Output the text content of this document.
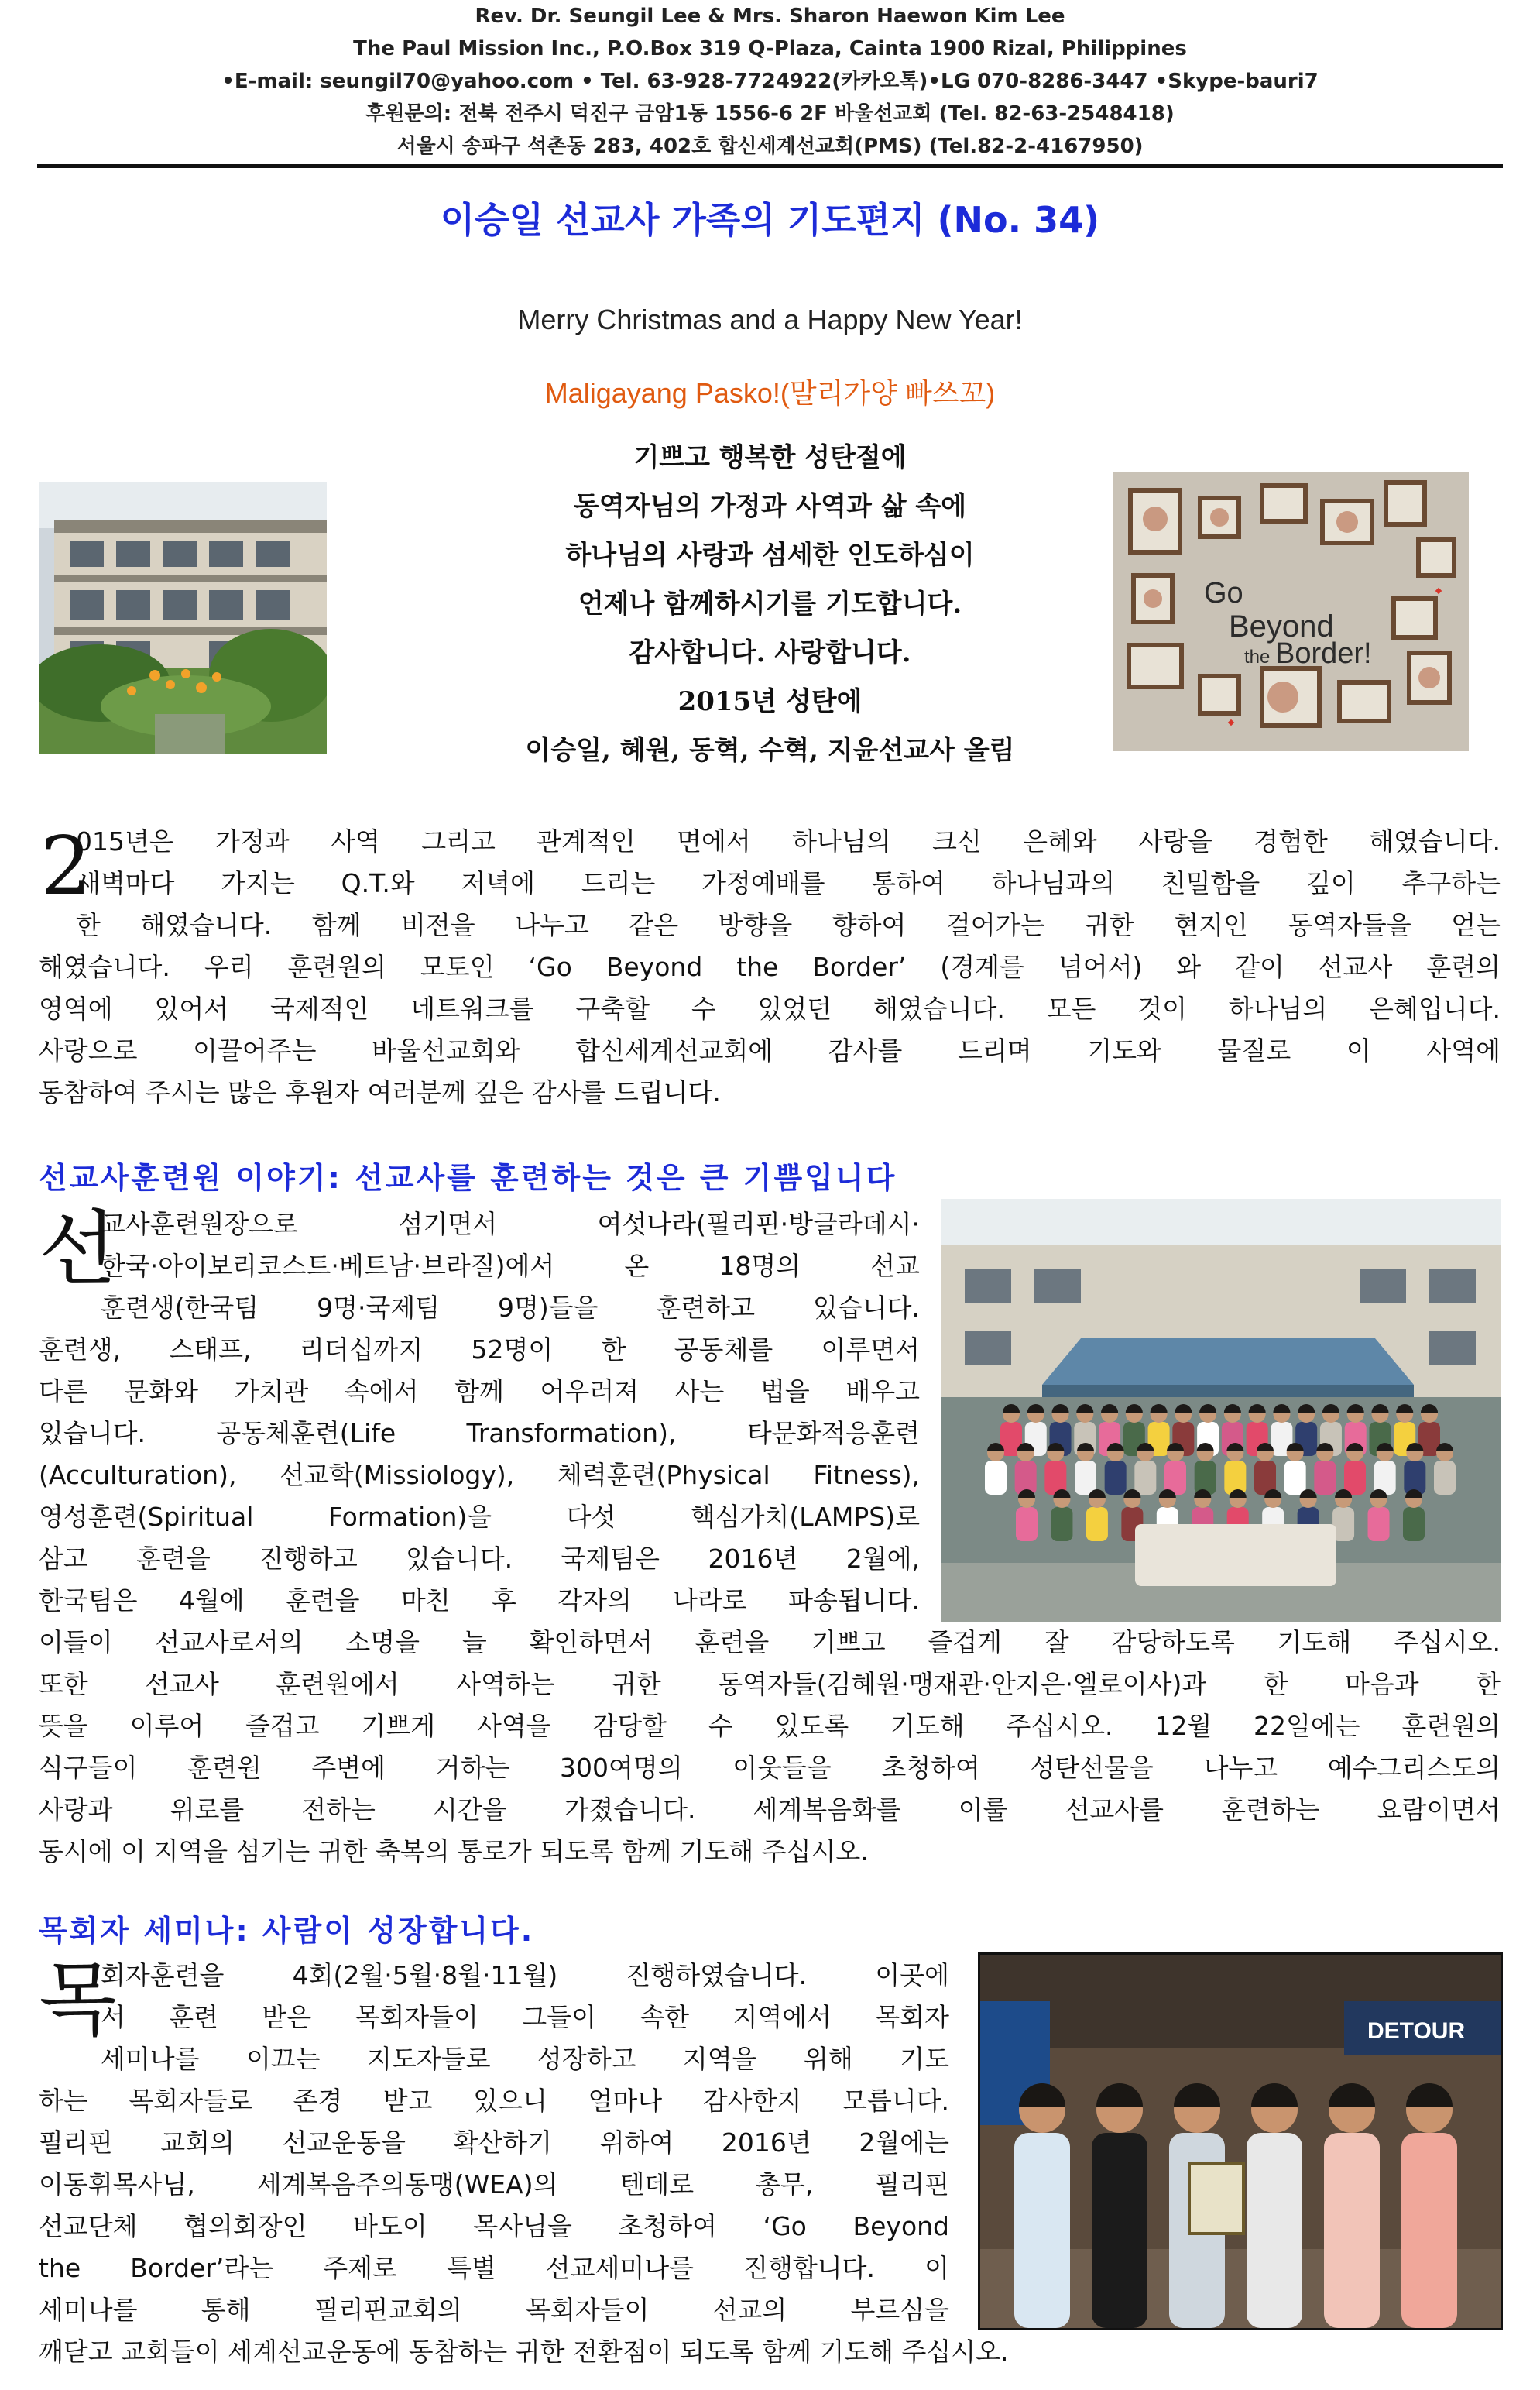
Rev. Dr. Seungil Lee & Mrs. Sharon Haewon Kim Lee
The Paul Mission Inc., P.O.Box 319 Q-Plaza, Cainta 1900 Rizal, Philippines
•E-mail: seungil70@yahoo.com • Tel. 63-928-7724922(카카오톡)•LG 070-8286-3447 •Skype-bauri7
후원문의: 전북 전주시 덕진구 금암1동 1556-6 2F 바울선교회 (Tel. 82-63-2548418)
서울시 송파구 석촌동 283, 402호 합신세계선교회(PMS) (Tel.82-2-4167950)
이승일 선교사 가족의 기도편지 (No. 34)
Merry Christmas and a Happy New Year!
Maligayang Pasko!(말리가양 빠쓰꼬)
기쁘고 행복한 성탄절에
동역자님의 가정과 사역과 삶 속에
하나님의 사랑과 섬세한 인도하심이
언제나 함께하시기를 기도합니다.
감사합니다. 사랑합니다.
2015년 성탄에
이승일, 혜원, 동혁, 수혁, 지윤선교사 올림
Go Beyond the Border!
2
015년은 가정과 사역 그리고 관계적인 면에서 하나님의 크신 은혜와 사랑을 경험한 해였습니다.
새벽마다 가지는 Q.T.와 저녁에 드리는 가정예배를 통하여 하나님과의 친밀함을 깊이 추구하는
한 해였습니다. 함께 비전을 나누고 같은 방향을 향하여 걸어가는 귀한 현지인 동역자들을 얻는
해였습니다. 우리 훈련원의 모토인 ‘Go Beyond the Border’ (경계를 넘어서) 와 같이 선교사 훈련의
영역에 있어서 국제적인 네트워크를 구축할 수 있었던 해였습니다. 모든 것이 하나님의 은혜입니다.
사랑으로 이끌어주는 바울선교회와 합신세계선교회에 감사를 드리며 기도와 물질로 이 사역에
동참하여 주시는 많은 후원자 여러분께 깊은 감사를 드립니다.
선교사훈련원 이야기: 선교사를 훈련하는 것은 큰 기쁨입니다
선
교사훈련원장으로 섬기면서 여섯나라(필리핀·방글라데시·
한국·아이보리코스트·베트남·브라질)에서 온 18명의 선교
훈련생(한국팀 9명·국제팀 9명)들을 훈련하고 있습니다.
훈련생, 스태프, 리더십까지 52명이 한 공동체를 이루면서
다른 문화와 가치관 속에서 함께 어우러져 사는 법을 배우고
있습니다. 공동체훈련(Life Transformation), 타문화적응훈련
(Acculturation), 선교학(Missiology), 체력훈련(Physical Fitness),
영성훈련(Spiritual Formation)을 다섯 핵심가치(LAMPS)로
삼고 훈련을 진행하고 있습니다. 국제팀은 2016년 2월에,
한국팀은 4월에 훈련을 마친 후 각자의 나라로 파송됩니다.
이들이 선교사로서의 소명을 늘 확인하면서 훈련을 기쁘고 즐겁게 잘 감당하도록 기도해 주십시오.
또한 선교사 훈련원에서 사역하는 귀한 동역자들(김혜원·맹재관·안지은·엘로이사)과 한 마음과 한
뜻을 이루어 즐겁고 기쁘게 사역을 감당할 수 있도록 기도해 주십시오. 12월 22일에는 훈련원의
식구들이 훈련원 주변에 거하는 300여명의 이웃들을 초청하여 성탄선물을 나누고 예수그리스도의
사랑과 위로를 전하는 시간을 가졌습니다. 세계복음화를 이룰 선교사를 훈련하는 요람이면서
동시에 이 지역을 섬기는 귀한 축복의 통로가 되도록 함께 기도해 주십시오.
목회자 세미나: 사람이 성장합니다.
목
회자훈련을 4회(2월·5월·8월·11월) 진행하였습니다. 이곳에
서 훈련 받은 목회자들이 그들이 속한 지역에서 목회자
세미나를 이끄는 지도자들로 성장하고 지역을 위해 기도
하는 목회자들로 존경 받고 있으니 얼마나 감사한지 모릅니다.
필리핀 교회의 선교운동을 확산하기 위하여 2016년 2월에는
이동휘목사님, 세계복음주의동맹(WEA)의 텐데로 총무, 필리핀
선교단체 협의회장인 바도이 목사님을 초청하여 ‘Go Beyond
the Border’라는 주제로 특별 선교세미나를 진행합니다. 이
세미나를 통해 필리핀교회의 목회자들이 선교의 부르심을
깨닫고 교회들이 세계선교운동에 동참하는 귀한 전환점이 되도록 함께 기도해 주십시오.
DETOUR
